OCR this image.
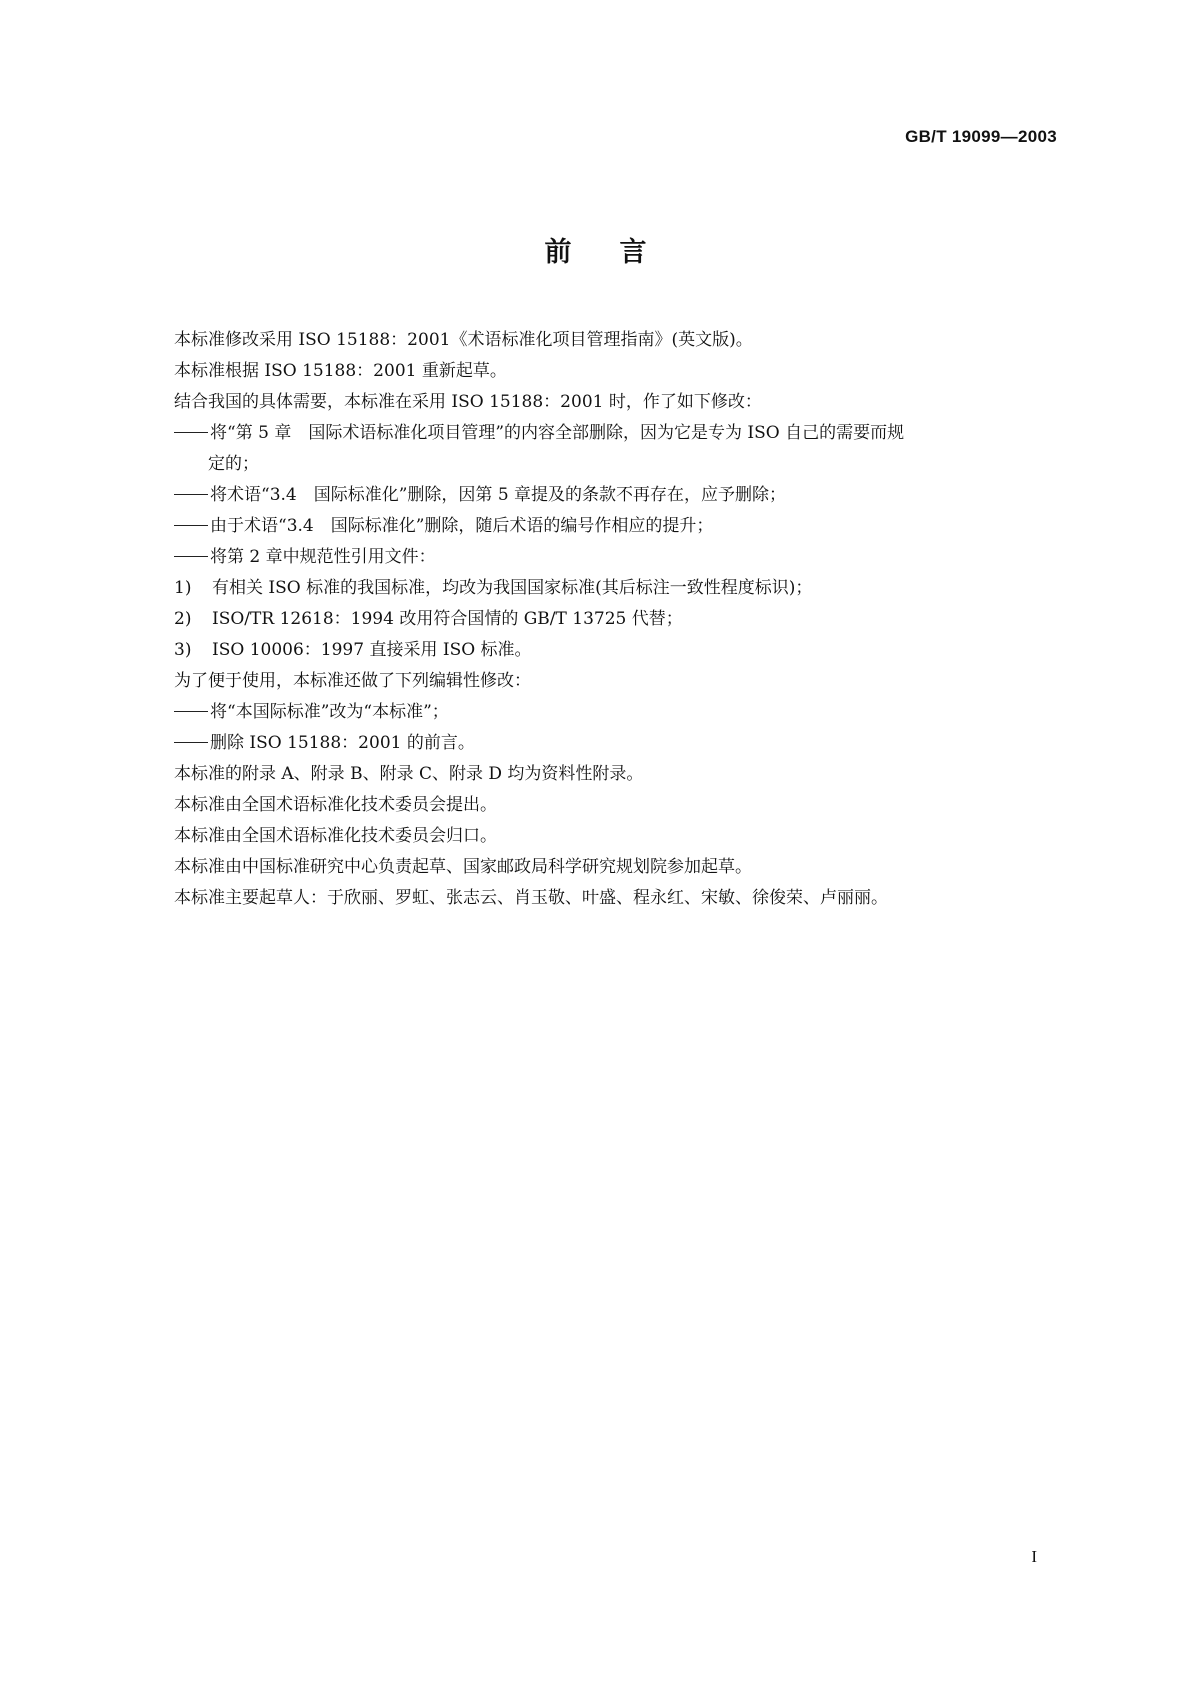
GB/T 19099—2003
前言
本标准修改采用 ISO 15188：2001《术语标准化项目管理指南》(英文版)。
本标准根据 ISO 15188：2001 重新起草。
结合我国的具体需要，本标准在采用 ISO 15188：2001 时，作了如下修改：
将“第 5 章　国际术语标准化项目管理”的内容全部删除，因为它是专为 ISO 自己的需要而规
定的；
将术语“3.4　国际标准化”删除，因第 5 章提及的条款不再存在，应予删除；
由于术语“3.4　国际标准化”删除，随后术语的编号作相应的提升；
将第 2 章中规范性引用文件：
1) 有相关 ISO 标准的我国标准，均改为我国国家标准(其后标注一致性程度标识)；
2) ISO/TR 12618：1994 改用符合国情的 GB/T 13725 代替；
3) ISO 10006：1997 直接采用 ISO 标准。
为了便于使用，本标准还做了下列编辑性修改：
将“本国际标准”改为“本标准”；
删除 ISO 15188：2001 的前言。
本标准的附录 A、附录 B、附录 C、附录 D 均为资料性附录。
本标准由全国术语标准化技术委员会提出。
本标准由全国术语标准化技术委员会归口。
本标准由中国标准研究中心负责起草、国家邮政局科学研究规划院参加起草。
本标准主要起草人：于欣丽、罗虹、张志云、肖玉敬、叶盛、程永红、宋敏、徐俊荣、卢丽丽。
I
